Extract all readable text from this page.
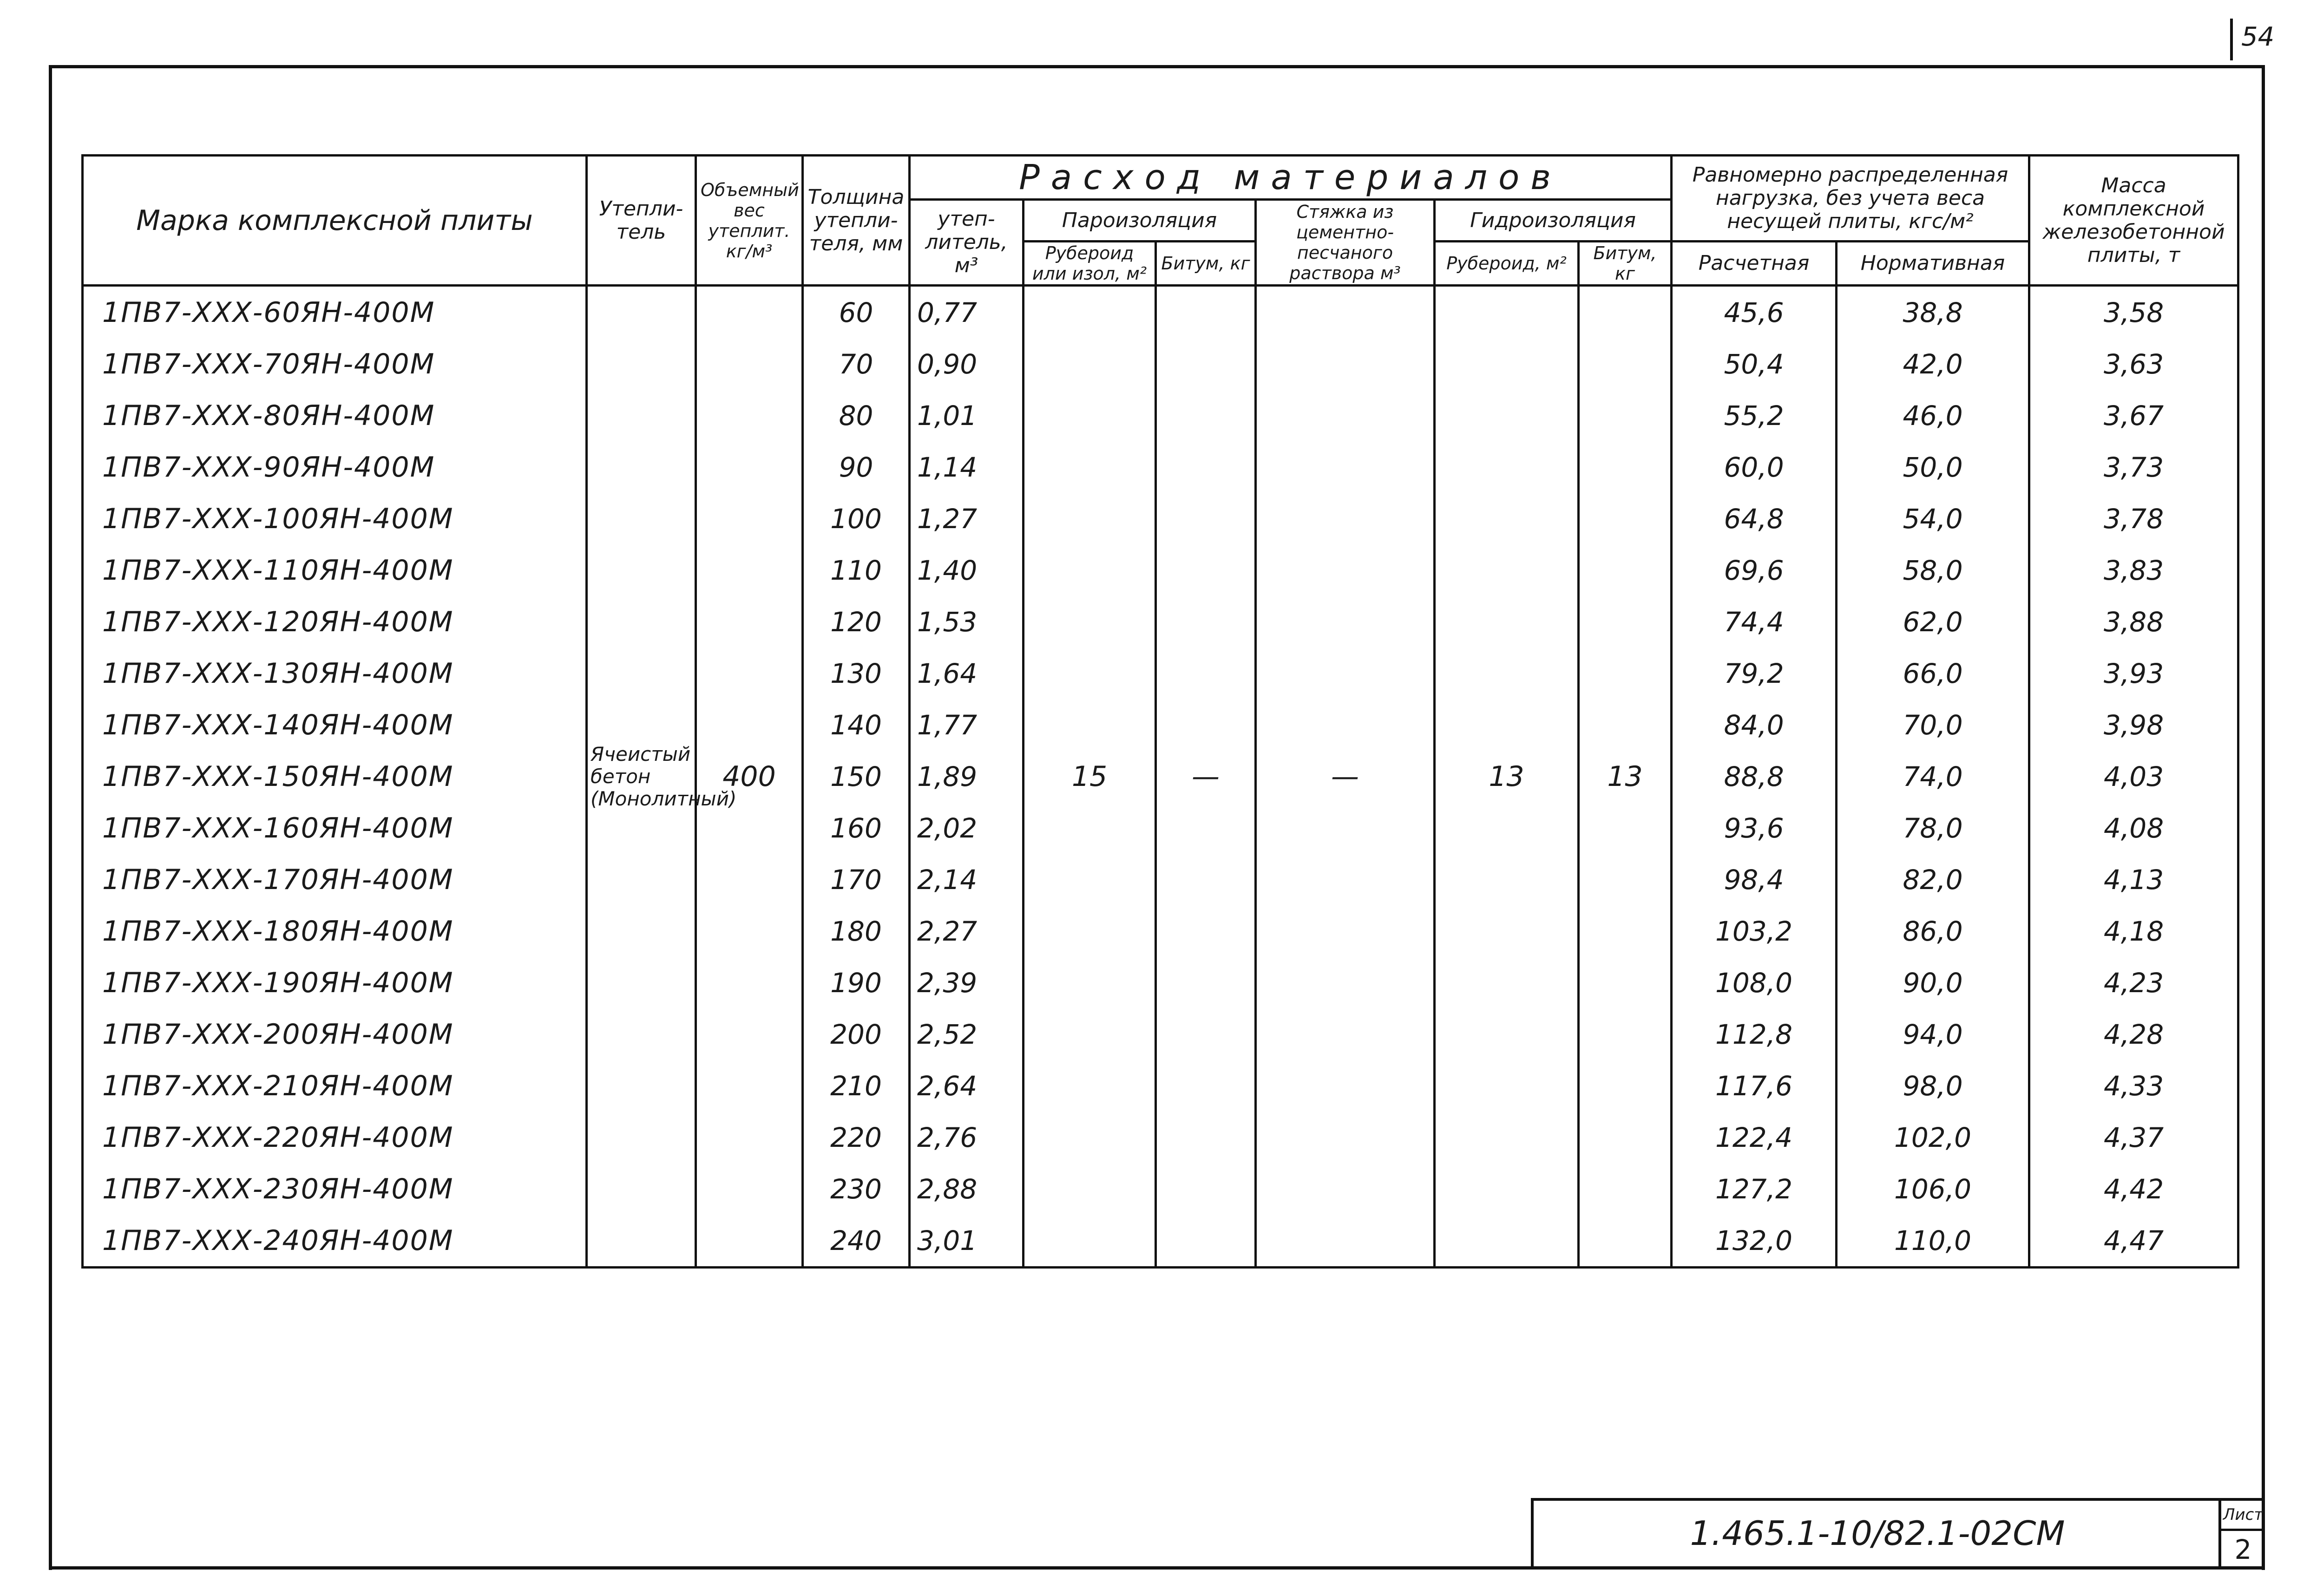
54
Марка комплексной плиты	Утепли-тель	Объемный вес утеплит. кг/м³	Толщина утепли-теля, мм	Расход материалов						Равномерно распределенная нагрузка, без учета веса несущей плиты, кгс/м²		Масса комплексной железобетонной плиты, т
				утеп-литель, м³	Пароизоляция		Стяжка из цементно-песчаного раствора м³	Гидроизоляция				
					Рубероид или изол, м²	Битум, кг		Рубероид, м²	Битум, кг	Расчетная	Нормативная	
1ПВ7-ХХХ-60ЯН-400М	Ячеистый бетон (Монолитный)	400	60	0,77	15	—	—	13	13	45,6	38,8	3,58
1ПВ7-ХХХ-70ЯН-400М			70	0,90						50,4	42,0	3,63
1ПВ7-ХХХ-80ЯН-400М			80	1,01						55,2	46,0	3,67
1ПВ7-ХХХ-90ЯН-400М			90	1,14						60,0	50,0	3,73
1ПВ7-ХХХ-100ЯН-400М			100	1,27						64,8	54,0	3,78
1ПВ7-ХХХ-110ЯН-400М			110	1,40						69,6	58,0	3,83
1ПВ7-ХХХ-120ЯН-400М			120	1,53						74,4	62,0	3,88
1ПВ7-ХХХ-130ЯН-400М			130	1,64						79,2	66,0	3,93
1ПВ7-ХХХ-140ЯН-400М			140	1,77						84,0	70,0	3,98
1ПВ7-ХХХ-150ЯН-400М			150	1,89						88,8	74,0	4,03
1ПВ7-ХХХ-160ЯН-400М			160	2,02						93,6	78,0	4,08
1ПВ7-ХХХ-170ЯН-400М			170	2,14						98,4	82,0	4,13
1ПВ7-ХХХ-180ЯН-400М			180	2,27						103,2	86,0	4,18
1ПВ7-ХХХ-190ЯН-400М			190	2,39						108,0	90,0	4,23
1ПВ7-ХХХ-200ЯН-400М			200	2,52						112,8	94,0	4,28
1ПВ7-ХХХ-210ЯН-400М			210	2,64						117,6	98,0	4,33
1ПВ7-ХХХ-220ЯН-400М			220	2,76						122,4	102,0	4,37
1ПВ7-ХХХ-230ЯН-400М			230	2,88						127,2	106,0	4,42
1ПВ7-ХХХ-240ЯН-400М			240	3,01						132,0	110,0	4,47
1.465.1-10/82.1-02СМ	Лист
2
